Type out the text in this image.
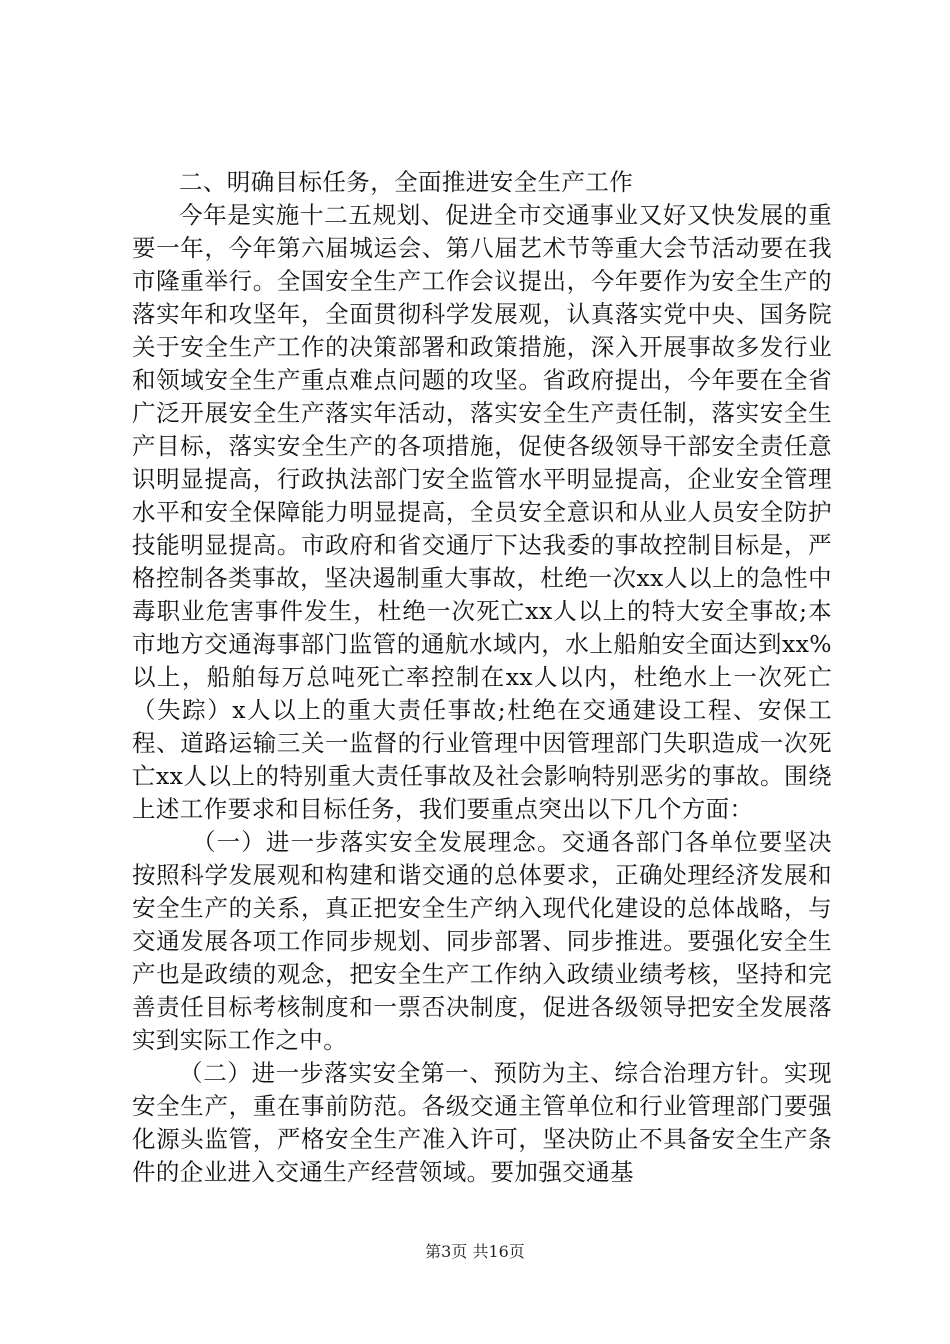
二、明确目标任务，全面推进安全生产工作

今年是实施十二五规划、促进全市交通事业又好又快发展的重要一年，今年第六届城运会、第八届艺术节等重大会节活动要在我市隆重举行。全国安全生产工作会议提出，今年要作为安全生产的落实年和攻坚年，全面贯彻科学发展观，认真落实党中央、国务院关于安全生产工作的决策部署和政策措施，深入开展事故多发行业和领域安全生产重点难点问题的攻坚。省政府提出，今年要在全省广泛开展安全生产落实年活动，落实安全生产责任制，落实安全生产目标，落实安全生产的各项措施，促使各级领导干部安全责任意识明显提高，行政执法部门安全监管水平明显提高，企业安全管理水平和安全保障能力明显提高，全员安全意识和从业人员安全防护技能明显提高。市政府和省交通厅下达我委的事故控制目标是，严格控制各类事故，坚决遏制重大事故，杜绝一次xx人以上的急性中毒职业危害事件发生，杜绝一次死亡xx人以上的特大安全事故;本市地方交通海事部门监管的通航水域内，水上船舶安全面达到xx%以上，船舶每万总吨死亡率控制在xx人以内，杜绝水上一次死亡（失踪）x人以上的重大责任事故;杜绝在交通建设工程、安保工程、道路运输三关一监督的行业管理中因管理部门失职造成一次死亡xx人以上的特别重大责任事故及社会影响特别恶劣的事故。围绕上述工作要求和目标任务，我们要重点突出以下几个方面：

（一）进一步落实安全发展理念。交通各部门各单位要坚决按照科学发展观和构建和谐交通的总体要求，正确处理经济发展和安全生产的关系，真正把安全生产纳入现代化建设的总体战略，与交通发展各项工作同步规划、同步部署、同步推进。要强化安全生产也是政绩的观念，把安全生产工作纳入政绩业绩考核，坚持和完善责任目标考核制度和一票否决制度，促进各级领导把安全发展落实到实际工作之中。

（二）进一步落实安全第一、预防为主、综合治理方针。实现安全生产，重在事前防范。各级交通主管单位和行业管理部门要强化源头监管，严格安全生产准入许可，坚决防止不具备安全生产条件的企业进入交通生产经营领域。要加强交通基

第3页 共16页
